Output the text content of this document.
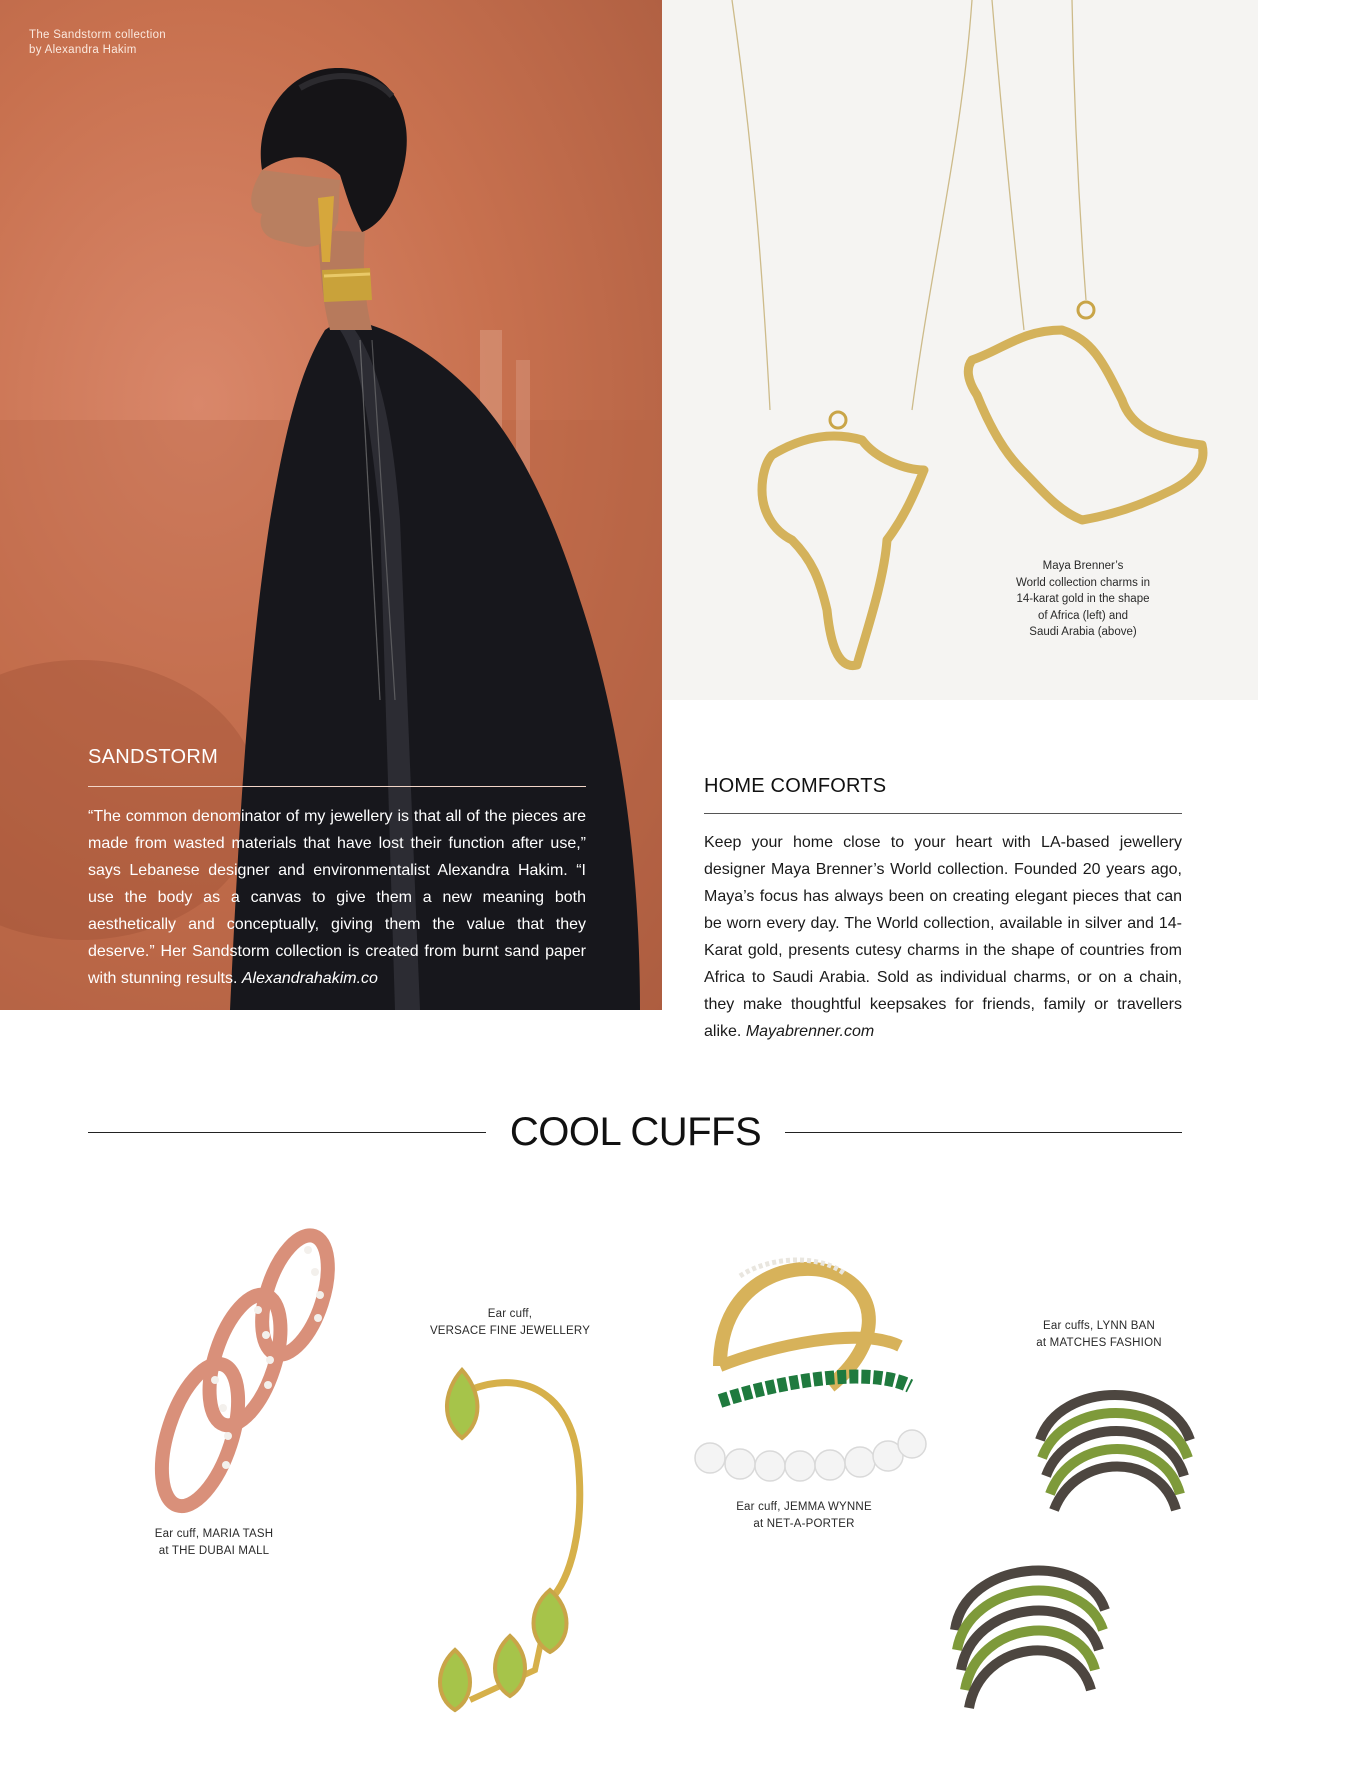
The Sandstorm collection
by Alexandra Hakim
SANDSTORM
“The common denominator of my jewellery is that all of the pieces are made from wasted materials that have lost their function after use,” says Lebanese designer and environmentalist Alexandra Hakim. “I use the body as a canvas to give them a new meaning both aesthetically and conceptually, giving them the value that they deserve.” Her Sandstorm collection is created from burnt sand paper with stunning results. Alexandrahakim.co
Maya Brenner’s
World collection charms in
14-karat gold in the shape
of Africa (left) and
Saudi Arabia (above)
HOME COMFORTS
Keep your home close to your heart with LA-based jewellery designer Maya Brenner’s World collection. Founded 20 years ago, Maya’s focus has always been on creating elegant pieces that can be worn every day. The World collection, available in silver and 14-Karat gold, presents cutesy charms in the shape of countries from Africa to Saudi Arabia. Sold as individual charms, or on a chain, they make thoughtful keepsakes for friends, family or travellers alike. Mayabrenner.com
COOL CUFFS
Ear cuff, MARIA TASH
at THE DUBAI MALL
Ear cuff,
VERSACE FINE JEWELLERY
Ear cuff, JEMMA WYNNE
at NET-A-PORTER
Ear cuffs, LYNN BAN
at MATCHES FASHION
